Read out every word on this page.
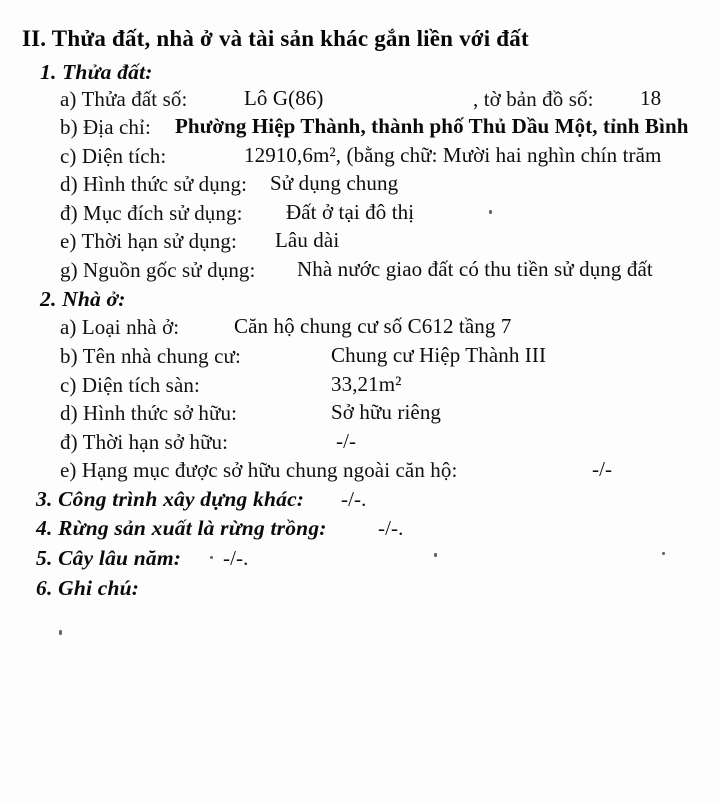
II. Thửa đất, nhà ở và tài sản khác gắn liền với đất
1. Thửa đất:
a) Thửa đất số:	Lô G(86)	, tờ bản đồ số: 18
b) Địa chỉ: Phường Hiệp Thành, thành phố Thủ Dầu Một, tỉnh Bình
c) Diện tích:	12910,6m², (bằng chữ: Mười hai nghìn chín trăm
d) Hình thức sử dụng: Sử dụng chung
đ) Mục đích sử dụng: Đất ở tại đô thị
e) Thời hạn sử dụng: Lâu dài
g) Nguồn gốc sử dụng: Nhà nước giao đất có thu tiền sử dụng đất
2. Nhà ở:
a) Loại nhà ở:	Căn hộ chung cư số C612 tầng 7
b) Tên nhà chung cư:	Chung cư Hiệp Thành III
c) Diện tích sàn:	33,21m²
d) Hình thức sở hữu:	Sở hữu riêng
đ) Thời hạn sở hữu:	-/-
e) Hạng mục được sở hữu chung ngoài căn hộ:	-/-
3. Công trình xây dựng khác: -/-.
4. Rừng sản xuất là rừng trồng: -/-.
5. Cây lâu năm: -/-.
6. Ghi chú:
